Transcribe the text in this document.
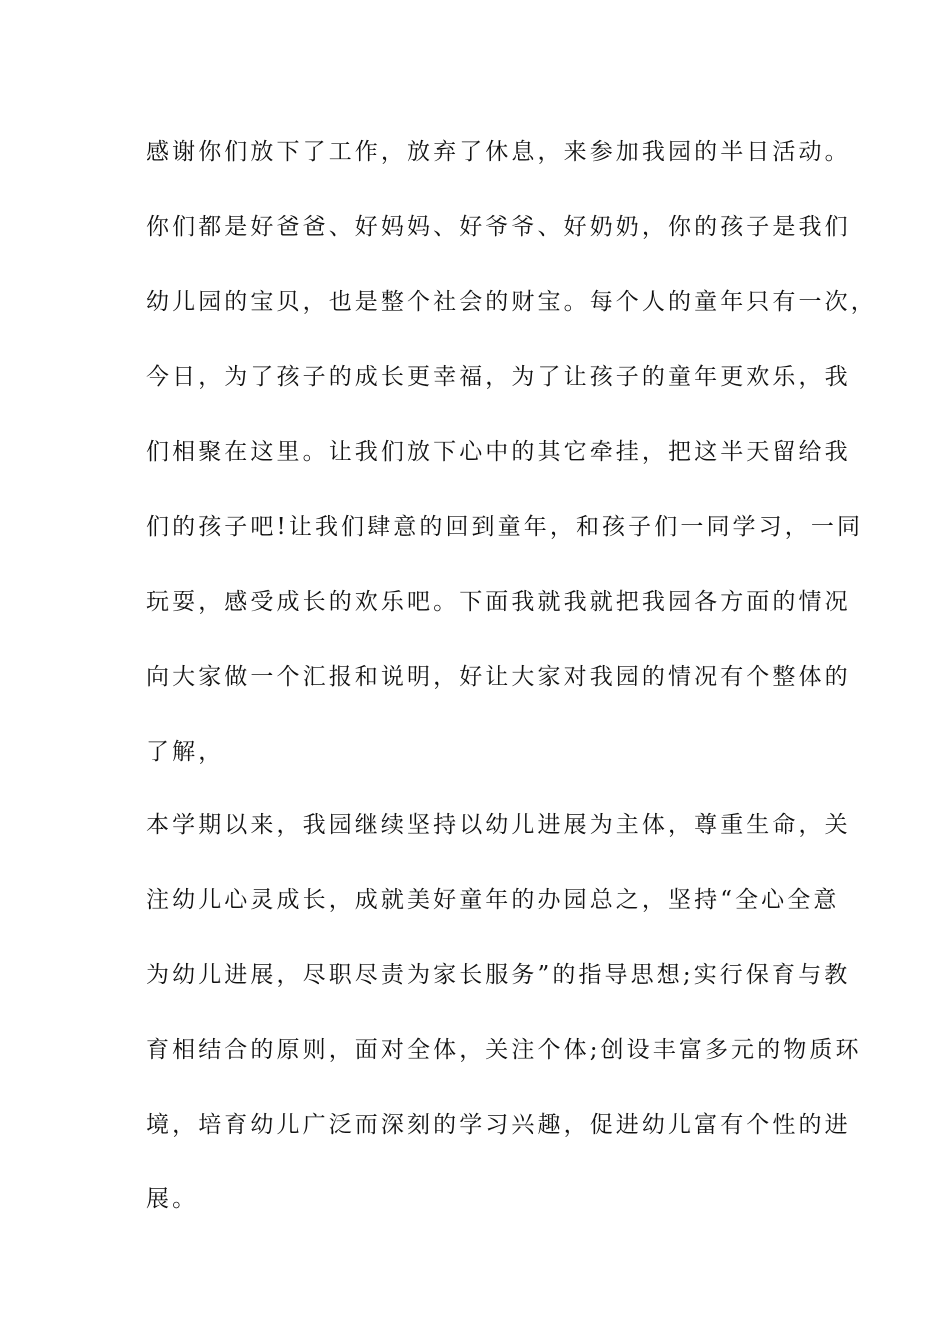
感谢你们放下了工作，放弃了休息，来参加我园的半日活动。
你们都是好爸爸、好妈妈、好爷爷、好奶奶，你的孩子是我们
幼儿园的宝贝，也是整个社会的财宝。每个人的童年只有一次，
今日，为了孩子的成长更幸福，为了让孩子的童年更欢乐，我
们相聚在这里。让我们放下心中的其它牵挂，把这半天留给我
们的孩子吧!让我们肆意的回到童年，和孩子们一同学习，一同
玩耍，感受成长的欢乐吧。下面我就我就把我园各方面的情况
向大家做一个汇报和说明，好让大家对我园的情况有个整体的
了解，
本学期以来，我园继续坚持以幼儿进展为主体，尊重生命，关
注幼儿心灵成长，成就美好童年的办园总之，坚持“全心全意
为幼儿进展，尽职尽责为家长服务”的指导思想;实行保育与教
育相结合的原则，面对全体，关注个体;创设丰富多元的物质环
境，培育幼儿广泛而深刻的学习兴趣，促进幼儿富有个性的进
展。
